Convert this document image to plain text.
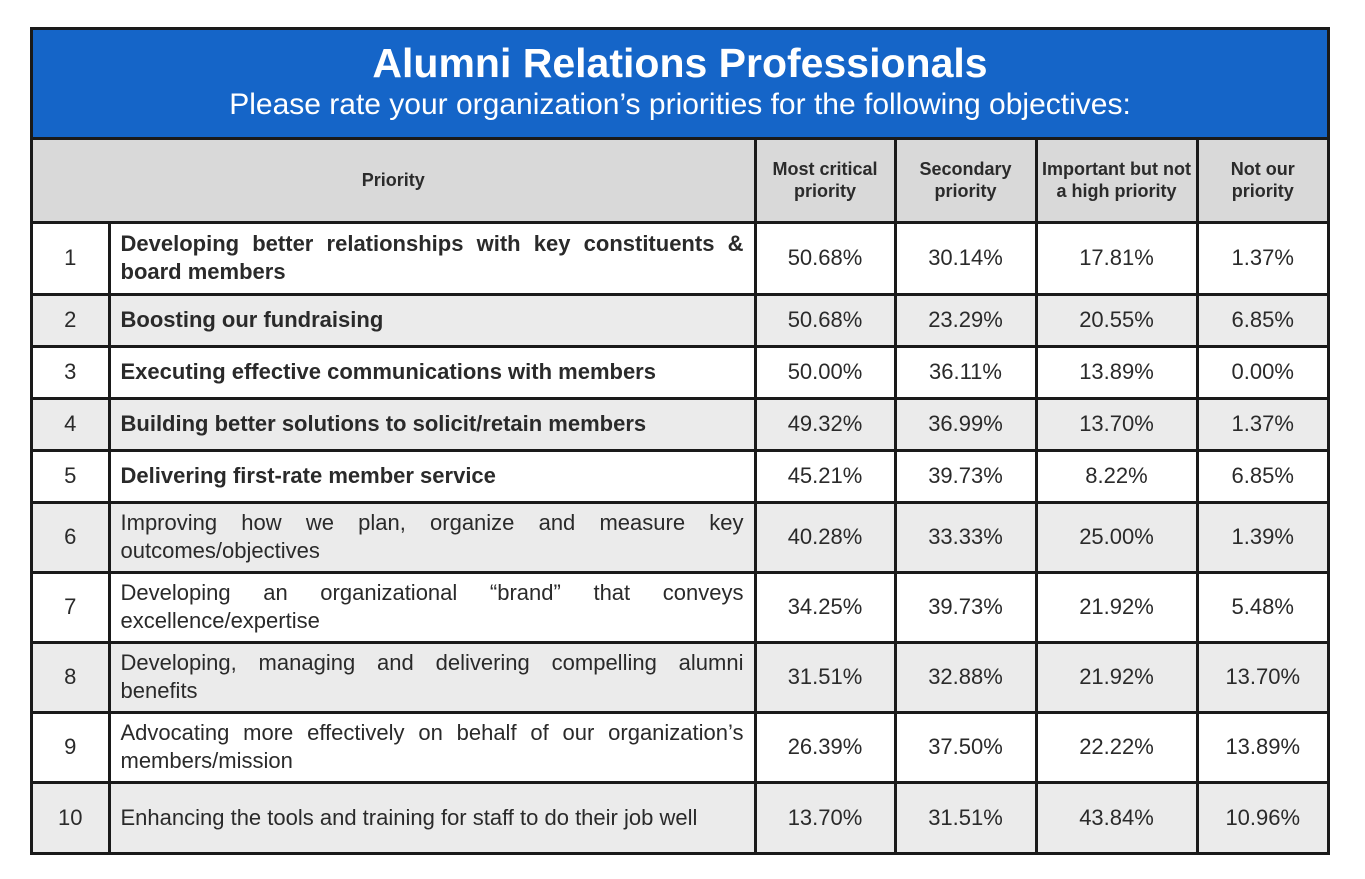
Alumni Relations Professionals
Please rate your organization’s priorities for the following objectives:
Priority		Most critical priority	Secondary priority	Important but not a high priority	Not our priority
1	Developing better relationships with key constituents & board members	50.68%	30.14%	17.81%	1.37%
2	Boosting our fundraising	50.68%	23.29%	20.55%	6.85%
3	Executing effective communications with members	50.00%	36.11%	13.89%	0.00%
4	Building better solutions to solicit/retain members	49.32%	36.99%	13.70%	1.37%
5	Delivering first-rate member service	45.21%	39.73%	8.22%	6.85%
6	Improving how we plan, organize and measure key outcomes/objectives	40.28%	33.33%	25.00%	1.39%
7	Developing an organizational “brand” that conveys excellence/expertise	34.25%	39.73%	21.92%	5.48%
8	Developing, managing and delivering compelling alumni benefits	31.51%	32.88%	21.92%	13.70%
9	Advocating more effectively on behalf of our organization’s members/mission	26.39%	37.50%	22.22%	13.89%
10	Enhancing the tools and training for staff to do their job well	13.70%	31.51%	43.84%	10.96%
